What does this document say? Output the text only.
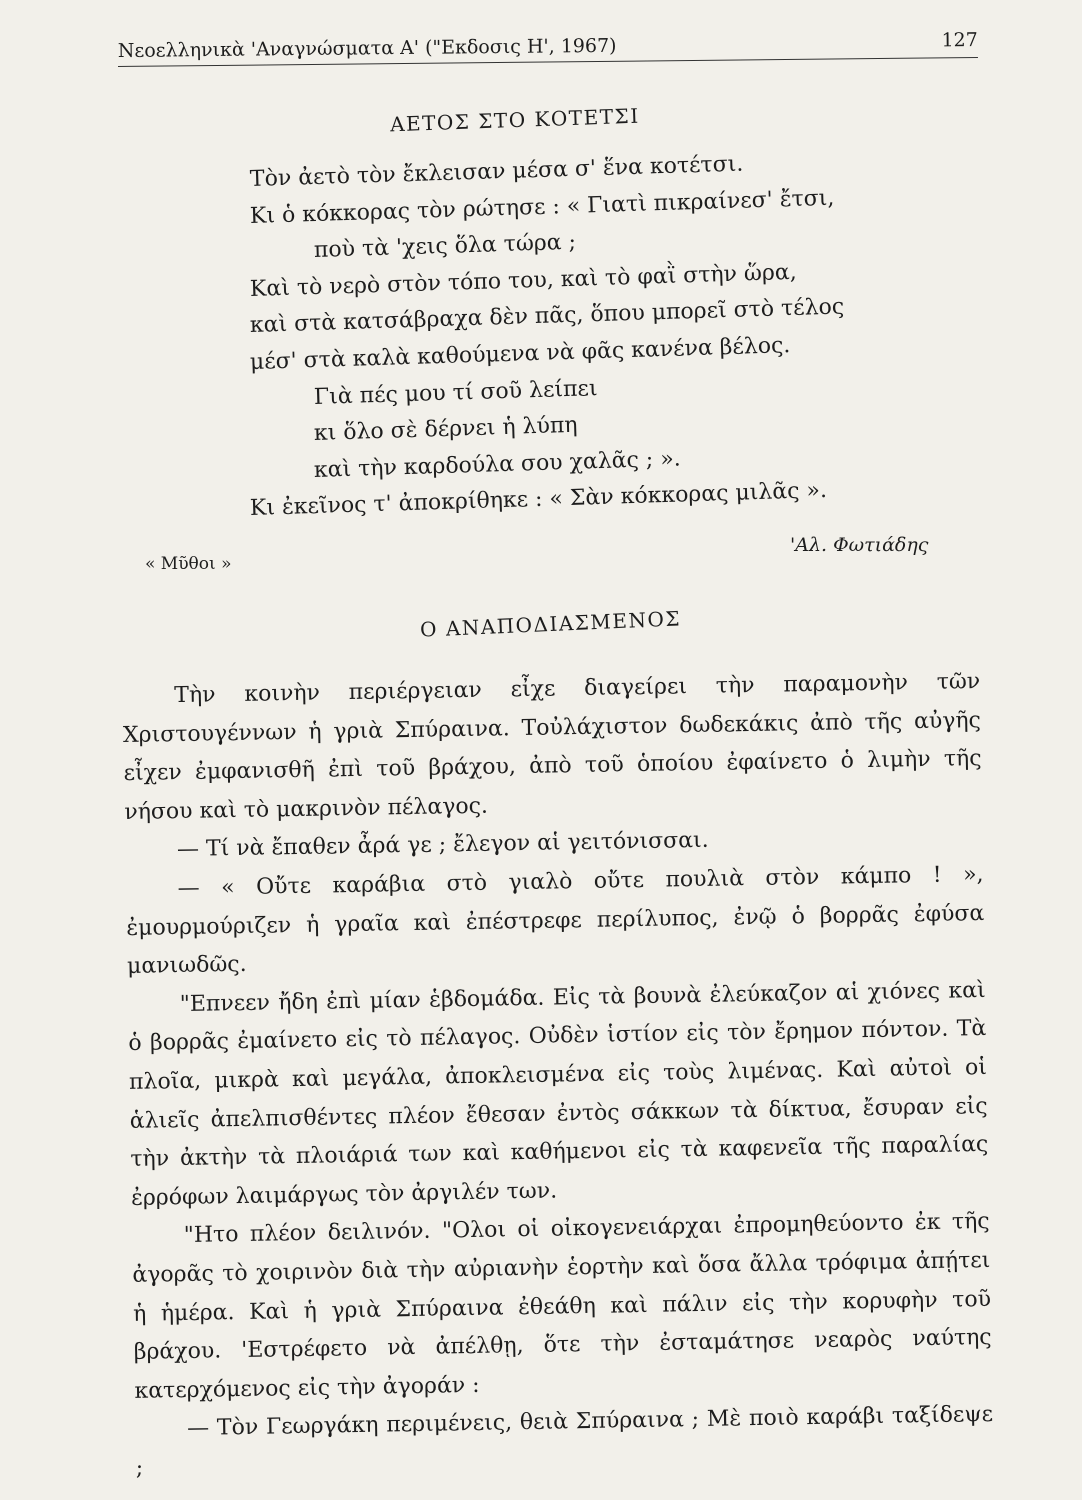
Νεοελληνικὰ 'Αναγνώσματα Α' ("Εκδοσις Η', 1967)	127
ΑΕΤΟΣ ΣΤΟ ΚΟΤΕΤΣΙ
Τὸν ἀετὸ τὸν ἔκλεισαν μέσα σ' ἕνα κοτέτσι.
Κι ὁ κόκκορας τὸν ρώτησε : « Γιατὶ πικραίνεσ' ἔτσι,
ποὺ τὰ 'χεις ὅλα τώρα ;
Καὶ τὸ νερὸ στὸν τόπο του, καὶ τὸ φαῒ στὴν ὥρα,
καὶ στὰ κατσάβραχα δὲν πᾶς, ὅπου μπορεῖ στὸ τέλος
μέσ' στὰ καλὰ καθούμενα νὰ φᾶς κανένα βέλος.
Γιὰ πές μου τί σοῦ λείπει
κι ὅλο σὲ δέρνει ἡ λύπη
καὶ τὴν καρδούλα σου χαλᾶς ; ».
Κι ἐκεῖνος τ' ἀποκρίθηκε : « Σὰν κόκκορας μιλᾶς ».
'Αλ. Φωτιάδης
« Μῦθοι »
Ο ΑΝΑΠΟΔΙΑΣΜΕΝΟΣ

Τὴν κοινὴν περιέργειαν εἶχε διαγείρει τὴν παραμονὴν τῶν Χριστουγέννων ἡ γριὰ Σπύραινα. Τοὐλάχιστον δωδεκάκις ἀπὸ τῆς αὐγῆς εἶχεν ἐμφανισθῆ ἐπὶ τοῦ βράχου, ἀπὸ τοῦ ὁποίου ἐφαίνετο ὁ λιμὴν τῆς νήσου καὶ τὸ μακρινὸν πέλαγος.

— Τί νὰ ἔπαθεν ἆρά γε ; ἔλεγον αἱ γειτόνισσαι.

— « Οὔτε καράβια στὸ γιαλὸ οὔτε πουλιὰ στὸν κάμπο ! », ἐμουρμούριζεν ἡ γραῖα καὶ ἐπέστρεφε περίλυπος, ἐνῷ ὁ βορρᾶς ἐφύσα μανιωδῶς.

"Επνεεν ἤδη ἐπὶ μίαν ἑβδομάδα. Εἰς τὰ βουνὰ ἐλεύκαζον αἱ χιόνες καὶ ὁ βορρᾶς ἐμαίνετο εἰς τὸ πέλαγος. Οὐδὲν ἱστίον εἰς τὸν ἔρημον πόντον. Τὰ πλοῖα, μικρὰ καὶ μεγάλα, ἀποκλεισμένα εἰς τοὺς λιμένας. Καὶ αὐτοὶ οἱ ἁλιεῖς ἀπελπισθέντες πλέον ἔθεσαν ἐντὸς σάκκων τὰ δίκτυα, ἔσυραν εἰς τὴν ἀκτὴν τὰ πλοιάριά των καὶ καθήμενοι εἰς τὰ καφενεῖα τῆς παραλίας ἐρρόφων λαιμάργως τὸν ἀργιλέν των.

"Ητο πλέον δειλινόν. "Ολοι οἱ οἰκογενειάρχαι ἐπρομηθεύοντο ἐκ τῆς ἀγορᾶς τὸ χοιρινὸν διὰ τὴν αὐριανὴν ἑορτὴν καὶ ὅσα ἄλλα τρόφιμα ἀπῄτει ἡ ἡμέρα. Καὶ ἡ γριὰ Σπύραινα ἐθεάθη καὶ πάλιν εἰς τὴν κορυφὴν τοῦ βράχου. 'Εστρέφετο νὰ ἀπέλθῃ, ὅτε τὴν ἐσταμάτησε νεαρὸς ναύτης κατερχόμενος εἰς τὴν ἀγοράν :

— Τὸν Γεωργάκη περιμένεις, θειὰ Σπύραινα ; Μὲ ποιὸ καράβι ταξίδεψε ;
